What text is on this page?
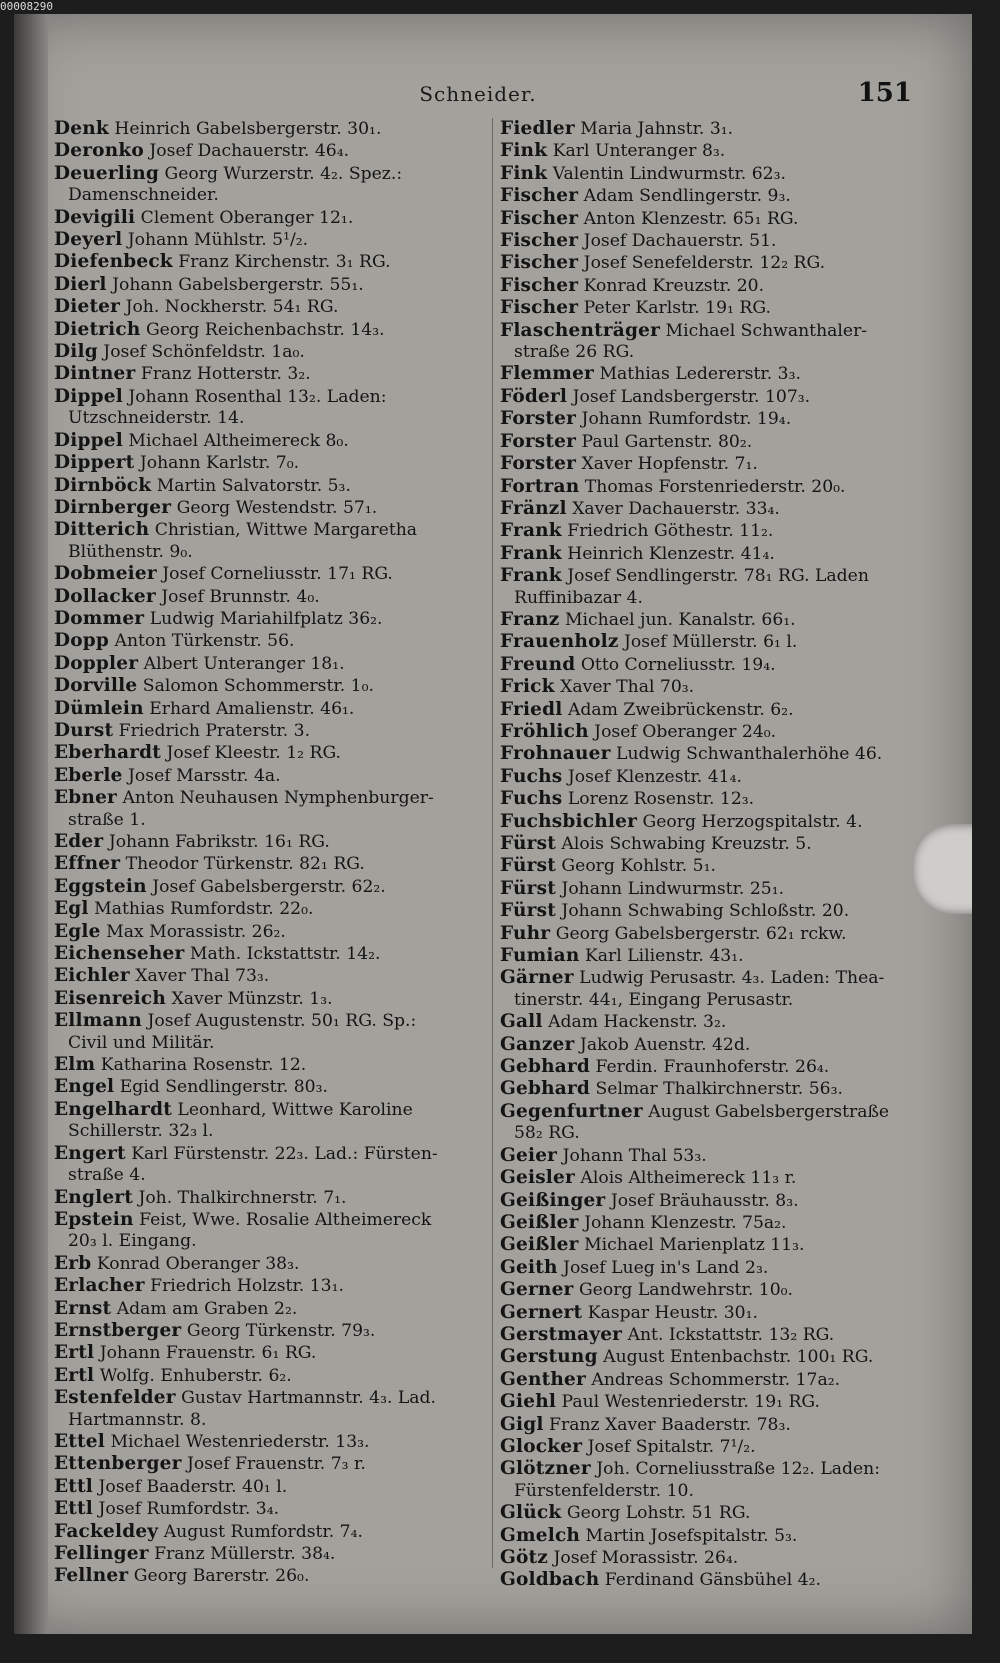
00008290
Schneider.	151
Denk Heinrich Gabelsbergerstr. 30₁.
Deronko Josef Dachauerstr. 46₄.
Deuerling Georg Wurzerstr. 4₂. Spez.:
Damenschneider.
Devigili Clement Oberanger 12₁.
Deyerl Johann Mühlstr. 5¹/₂.
Diefenbeck Franz Kirchenstr. 3₁ RG.
Dierl Johann Gabelsbergerstr. 55₁.
Dieter Joh. Nockherstr. 54₁ RG.
Dietrich Georg Reichenbachstr. 14₃.
Dilg Josef Schönfeldstr. 1a₀.
Dintner Franz Hotterstr. 3₂.
Dippel Johann Rosenthal 13₂. Laden:
Utzschneiderstr. 14.
Dippel Michael Altheimereck 8₀.
Dippert Johann Karlstr. 7₀.
Dirnböck Martin Salvatorstr. 5₃.
Dirnberger Georg Westendstr. 57₁.
Ditterich Christian, Wittwe Margaretha
Blüthenstr. 9₀.
Dobmeier Josef Corneliusstr. 17₁ RG.
Dollacker Josef Brunnstr. 4₀.
Dommer Ludwig Mariahilfplatz 36₂.
Dopp Anton Türkenstr. 56.
Doppler Albert Unteranger 18₁.
Dorville Salomon Schommerstr. 1₀.
Dümlein Erhard Amalienstr. 46₁.
Durst Friedrich Praterstr. 3.
Eberhardt Josef Kleestr. 1₂ RG.
Eberle Josef Marsstr. 4a.
Ebner Anton Neuhausen Nymphenburger-
straße 1.
Eder Johann Fabrikstr. 16₁ RG.
Effner Theodor Türkenstr. 82₁ RG.
Eggstein Josef Gabelsbergerstr. 62₂.
Egl Mathias Rumfordstr. 22₀.
Egle Max Morassistr. 26₂.
Eichenseher Math. Ickstattstr. 14₂.
Eichler Xaver Thal 73₃.
Eisenreich Xaver Münzstr. 1₃.
Ellmann Josef Augustenstr. 50₁ RG. Sp.:
Civil und Militär.
Elm Katharina Rosenstr. 12.
Engel Egid Sendlingerstr. 80₃.
Engelhardt Leonhard, Wittwe Karoline
Schillerstr. 32₃ l.
Engert Karl Fürstenstr. 22₃. Lad.: Fürsten-
straße 4.
Englert Joh. Thalkirchnerstr. 7₁.
Epstein Feist, Wwe. Rosalie Altheimereck
20₃ l. Eingang.
Erb Konrad Oberanger 38₃.
Erlacher Friedrich Holzstr. 13₁.
Ernst Adam am Graben 2₂.
Ernstberger Georg Türkenstr. 79₃.
Ertl Johann Frauenstr. 6₁ RG.
Ertl Wolfg. Enhuberstr. 6₂.
Estenfelder Gustav Hartmannstr. 4₃. Lad.
Hartmannstr. 8.
Ettel Michael Westenriederstr. 13₃.
Ettenberger Josef Frauenstr. 7₃ r.
Ettl Josef Baaderstr. 40₁ l.
Ettl Josef Rumfordstr. 3₄.
Fackeldey August Rumfordstr. 7₄.
Fellinger Franz Müllerstr. 38₄.
Fellner Georg Barerstr. 26₀.
Fiedler Maria Jahnstr. 3₁.
Fink Karl Unteranger 8₃.
Fink Valentin Lindwurmstr. 62₃.
Fischer Adam Sendlingerstr. 9₃.
Fischer Anton Klenzestr. 65₁ RG.
Fischer Josef Dachauerstr. 51.
Fischer Josef Senefelderstr. 12₂ RG.
Fischer Konrad Kreuzstr. 20.
Fischer Peter Karlstr. 19₁ RG.
Flaschenträger Michael Schwanthaler-
straße 26 RG.
Flemmer Mathias Ledererstr. 3₃.
Föderl Josef Landsbergerstr. 107₃.
Forster Johann Rumfordstr. 19₄.
Forster Paul Gartenstr. 80₂.
Forster Xaver Hopfenstr. 7₁.
Fortran Thomas Forstenriederstr. 20₀.
Fränzl Xaver Dachauerstr. 33₄.
Frank Friedrich Göthestr. 11₂.
Frank Heinrich Klenzestr. 41₄.
Frank Josef Sendlingerstr. 78₁ RG. Laden
Ruffinibazar 4.
Franz Michael jun. Kanalstr. 66₁.
Frauenholz Josef Müllerstr. 6₁ l.
Freund Otto Corneliusstr. 19₄.
Frick Xaver Thal 70₃.
Friedl Adam Zweibrückenstr. 6₂.
Fröhlich Josef Oberanger 24₀.
Frohnauer Ludwig Schwanthalerhöhe 46.
Fuchs Josef Klenzestr. 41₄.
Fuchs Lorenz Rosenstr. 12₃.
Fuchsbichler Georg Herzogspitalstr. 4.
Fürst Alois Schwabing Kreuzstr. 5.
Fürst Georg Kohlstr. 5₁.
Fürst Johann Lindwurmstr. 25₁.
Fürst Johann Schwabing Schloßstr. 20.
Fuhr Georg Gabelsbergerstr. 62₁ rckw.
Fumian Karl Lilienstr. 43₁.
Gärner Ludwig Perusastr. 4₃. Laden: Thea-
tinerstr. 44₁, Eingang Perusastr.
Gall Adam Hackenstr. 3₂.
Ganzer Jakob Auenstr. 42d.
Gebhard Ferdin. Fraunhoferstr. 26₄.
Gebhard Selmar Thalkirchnerstr. 56₃.
Gegenfurtner August Gabelsbergerstraße
58₂ RG.
Geier Johann Thal 53₃.
Geisler Alois Altheimereck 11₃ r.
Geißinger Josef Bräuhausstr. 8₃.
Geißler Johann Klenzestr. 75a₂.
Geißler Michael Marienplatz 11₃.
Geith Josef Lueg in's Land 2₃.
Gerner Georg Landwehrstr. 10₀.
Gernert Kaspar Heustr. 30₁.
Gerstmayer Ant. Ickstattstr. 13₂ RG.
Gerstung August Entenbachstr. 100₁ RG.
Genther Andreas Schommerstr. 17a₂.
Giehl Paul Westenriederstr. 19₁ RG.
Gigl Franz Xaver Baaderstr. 78₃.
Glocker Josef Spitalstr. 7¹/₂.
Glötzner Joh. Corneliusstraße 12₂. Laden:
Fürstenfelderstr. 10.
Glück Georg Lohstr. 51 RG.
Gmelch Martin Josefspitalstr. 5₃.
Götz Josef Morassistr. 26₄.
Goldbach Ferdinand Gänsbühel 4₂.
